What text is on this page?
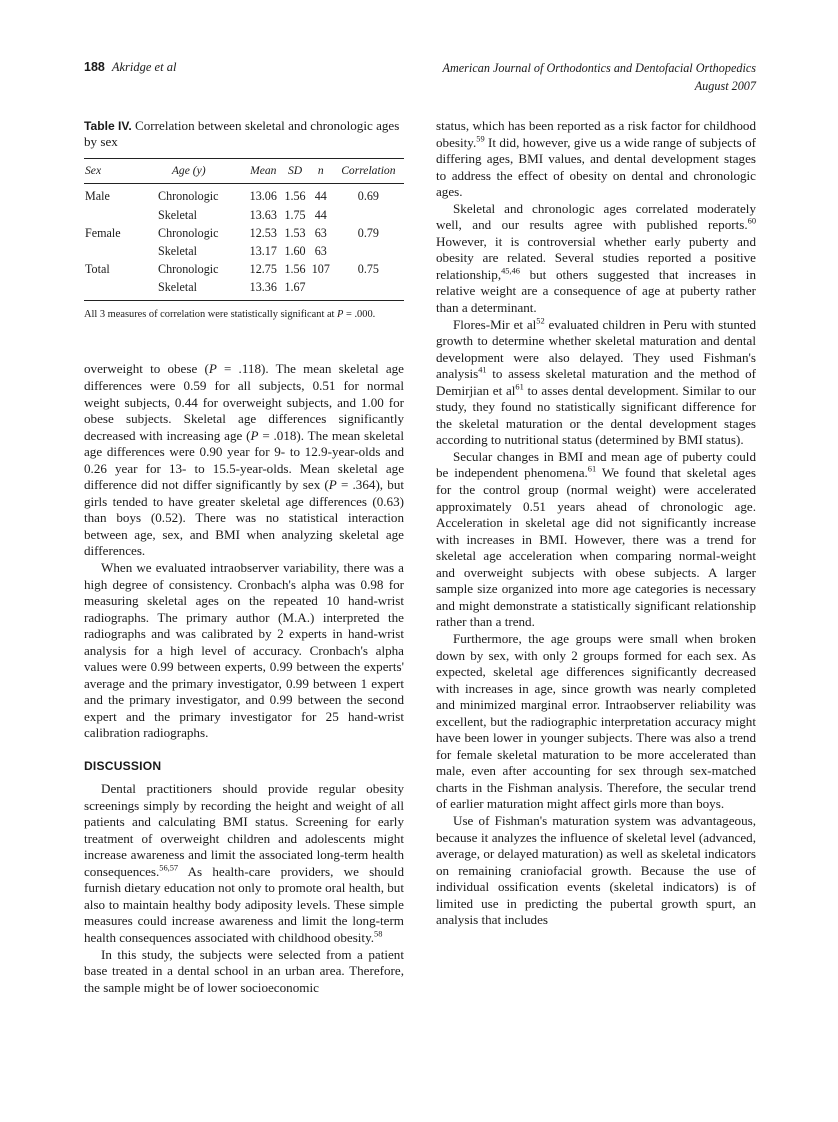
188 Akridge et al	American Journal of Orthodontics and Dentofacial Orthopedics
August 2007
Table IV. Correlation between skeletal and chronologic ages by sex
Sex	Age (y)	Mean	SD	n	Correlation
Male	Chronologic	13.06	1.56	44	0.69
	Skeletal	13.63	1.75	44	
Female	Chronologic	12.53	1.53	63	0.79
	Skeletal	13.17	1.60	63	
Total	Chronologic	12.75	1.56	107	0.75
	Skeletal	13.36	1.67		
All 3 measures of correlation were statistically significant at P = .000.

overweight to obese (P = .118). The mean skeletal age differences were 0.59 for all subjects, 0.51 for normal weight subjects, 0.44 for overweight subjects, and 1.00 for obese subjects. Skeletal age differences significantly decreased with increasing age (P = .018). The mean skeletal age differences were 0.90 year for 9- to 12.9-year-olds and 0.26 year for 13- to 15.5-year-olds. Mean skeletal age difference did not differ significantly by sex (P = .364), but girls tended to have greater skeletal age differences (0.63) than boys (0.52). There was no statistical interaction between age, sex, and BMI when analyzing skeletal age differences.

When we evaluated intraobserver variability, there was a high degree of consistency. Cronbach's alpha was 0.98 for measuring skeletal ages on the repeated 10 hand-wrist radiographs. The primary author (M.A.) interpreted the radiographs and was calibrated by 2 experts in hand-wrist analysis for a high level of accuracy. Cronbach's alpha values were 0.99 between experts, 0.99 between the experts' average and the primary investigator, 0.99 between 1 expert and the primary investigator, and 0.99 between the second expert and the primary investigator for 25 hand-wrist calibration radiographs.

DISCUSSION

Dental practitioners should provide regular obesity screenings simply by recording the height and weight of all patients and calculating BMI status. Screening for early treatment of overweight children and adolescents might increase awareness and limit the associated long-term health consequences.$^{56,57}$ As health-care providers, we should furnish dietary education not only to promote oral health, but also to maintain healthy body adiposity levels. These simple measures could increase awareness and limit the long-term health consequences associated with childhood obesity.$^{58}$

In this study, the subjects were selected from a patient base treated in a dental school in an urban area. Therefore, the sample might be of lower socioeconomic

status, which has been reported as a risk factor for childhood obesity.$^{59}$ It did, however, give us a wide range of subjects of differing ages, BMI values, and dental development stages to address the effect of obesity on dental and chronologic ages.

Skeletal and chronologic ages correlated moderately well, and our results agree with published reports.$^{60}$ However, it is controversial whether early puberty and obesity are related. Several studies reported a positive relationship,$^{45,46}$ but others suggested that increases in relative weight are a consequence of age at puberty rather than a determinant.

Flores-Mir et $al^{52}$ evaluated children in Peru with stunted growth to determine whether skeletal maturation and dental development were also delayed. They used Fishman's analysis$^{41}$ to assess skeletal maturation and the method of Demirjian et $al^{61}$ to asses dental development. Similar to our study, they found no statistically significant difference for the skeletal maturation or the dental development stages according to nutritional status (determined by BMI status).

Secular changes in BMI and mean age of puberty could be independent phenomena.$^{61}$ We found that skeletal ages for the control group (normal weight) were accelerated approximately 0.51 years ahead of chronologic age. Acceleration in skeletal age did not significantly increase with increases in BMI. However, there was a trend for skeletal age acceleration when comparing normal-weight and overweight subjects with obese subjects. A larger sample size organized into more age categories is necessary and might demonstrate a statistically significant relationship rather than a trend.

Furthermore, the age groups were small when broken down by sex, with only 2 groups formed for each sex. As expected, skeletal age differences significantly decreased with increases in age, since growth was nearly completed and minimized marginal error. Intraobserver reliability was excellent, but the radiographic interpretation accuracy might have been lower in younger subjects. There was also a trend for female skeletal maturation to be more accelerated than male, even after accounting for sex through sex-matched charts in the Fishman analysis. Therefore, the secular trend of earlier maturation might affect girls more than boys.

Use of Fishman's maturation system was advantageous, because it analyzes the influence of skeletal level (advanced, average, or delayed maturation) as well as skeletal indicators on remaining craniofacial growth. Because the use of individual ossification events (skeletal indicators) is of limited use in predicting the pubertal growth spurt, an analysis that includes
